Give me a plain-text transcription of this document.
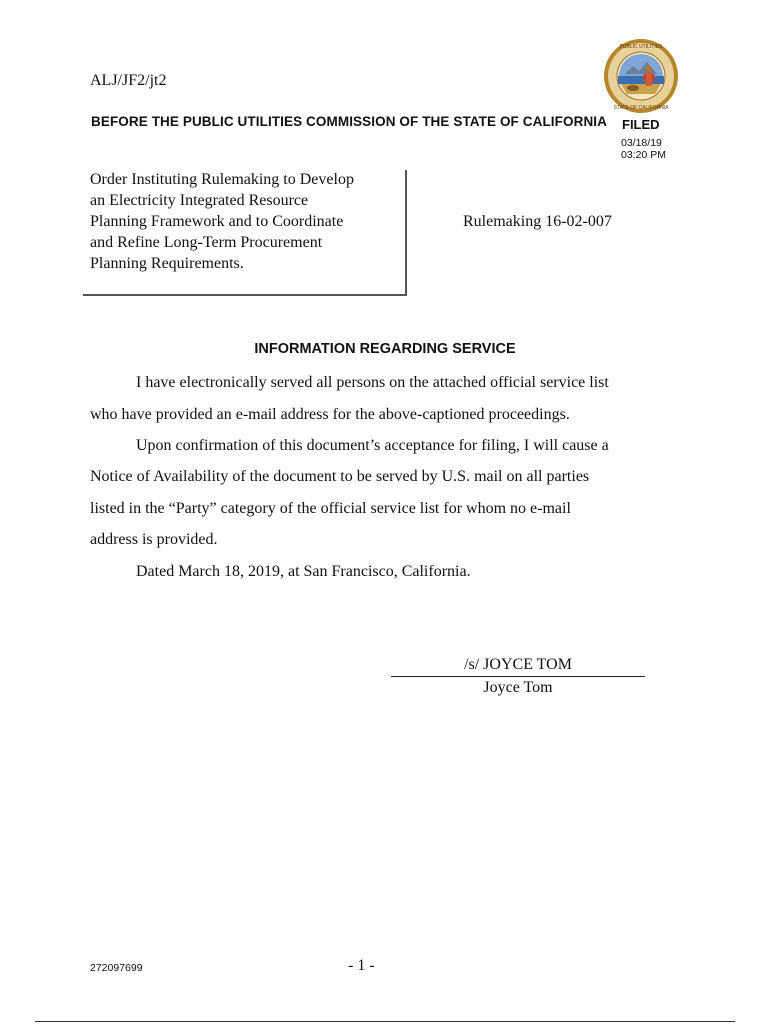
ALJ/JF2/jt2
PUBLIC UTILITIES
STATE OF CALIFORNIA
BEFORE THE PUBLIC UTILITIES COMMISSION OF THE STATE OF CALIFORNIA FILED
03/18/19
03:20 PM
Order Instituting Rulemaking to Develop
an Electricity Integrated Resource
Planning Framework and to Coordinate
and Refine Long-Term Procurement
Planning Requirements.
Rulemaking 16-02-007
INFORMATION REGARDING SERVICE
I have electronically served all persons on the attached official service list
who have provided an e-mail address for the above-captioned proceedings.
Upon confirmation of this document’s acceptance for filing, I will cause a
Notice of Availability of the document to be served by U.S. mail on all parties
listed in the “Party” category of the official service list for whom no e-mail
address is provided.
Dated March 18, 2019, at San Francisco, California.
/s/ JOYCE TOM
Joyce Tom
272097699	- 1 -
